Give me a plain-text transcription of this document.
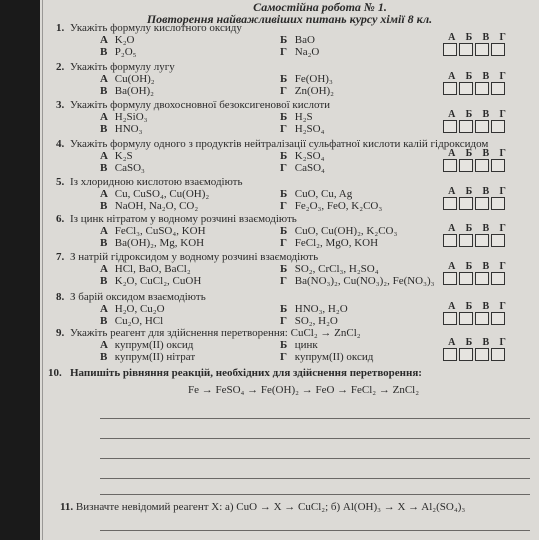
Самостійна робота № 1.
Повторення найважливіших питань курсу хімії 8 кл.
1. Укажіть формулу кислотного оксиду
А K₂O	Б BaO
В P₂O₅	Г Na₂O
А Б В Г
2. Укажіть формулу лугу
А Cu(OH)₂	Б Fe(OH)₃
В Ba(OH)₂	Г Zn(OH)₂
А Б В Г
3. Укажіть формулу двохосновної безоксигенової кислоти
А H₂SiO₃	Б H₂S
В HNO₃	Г H₂SO₄
А Б В Г
4. Укажіть формулу одного з продуктів нейтралізації сульфатної кислоти калій гідроксидом
А K₂S	Б K₂SO₄
В CaSO₃	Г CaSO₄
А Б В Г
5. Із хлоридною кислотою взаємодіють
А Cu, CuSO₄, Cu(OH)₂	Б CuO, Cu, Ag
В NaOH, Na₂O, CO₂	Г Fe₂O₃, FeO, K₂CO₃
А Б В Г
6. Із цинк нітратом у водному розчині взаємодіють
А FeCl₃, CuSO₄, KOH	Б CuO, Cu(OH)₂, K₂CO₃
В Ba(OH)₂, Mg, KOH	Г FeCl₂, MgO, KOH
А Б В Г
7. З натрій гідроксидом у водному розчині взаємодіють
А HCl, BaO, BaCl₂	Б SO₂, CrCl₃, H₂SO₄
В K₂O, CuCl₂, CuOH	Г Ba(NO₃)₂, Cu(NO₃)₂, Fe(NO₃)₃
А Б В Г
8. З барій оксидом взаємодіють
А H₂O, Cu₂O	Б HNO₃, H₂O
В Cu₂O, HCl	Г SO₂, H₂O
А Б В Г
9. Укажіть реагент для здійснення перетворення: CuCl₂ → ZnCl₂
А купрум(ІІ) оксид	Б цинк
В купрум(ІІ) нітрат	Г купрум(ІІ) оксид
А Б В Г
10. Напишіть рівняння реакцій, необхідних для здійснення перетворення:
Fe → FeSO₄ → Fe(OH)₂ → FeO → FeCl₂ → ZnCl₂
11. Визначте невідомий реагент X: а) CuO → X → CuCl₂; б) Al(OH)₃ → X → Al₂(SO₄)₃
